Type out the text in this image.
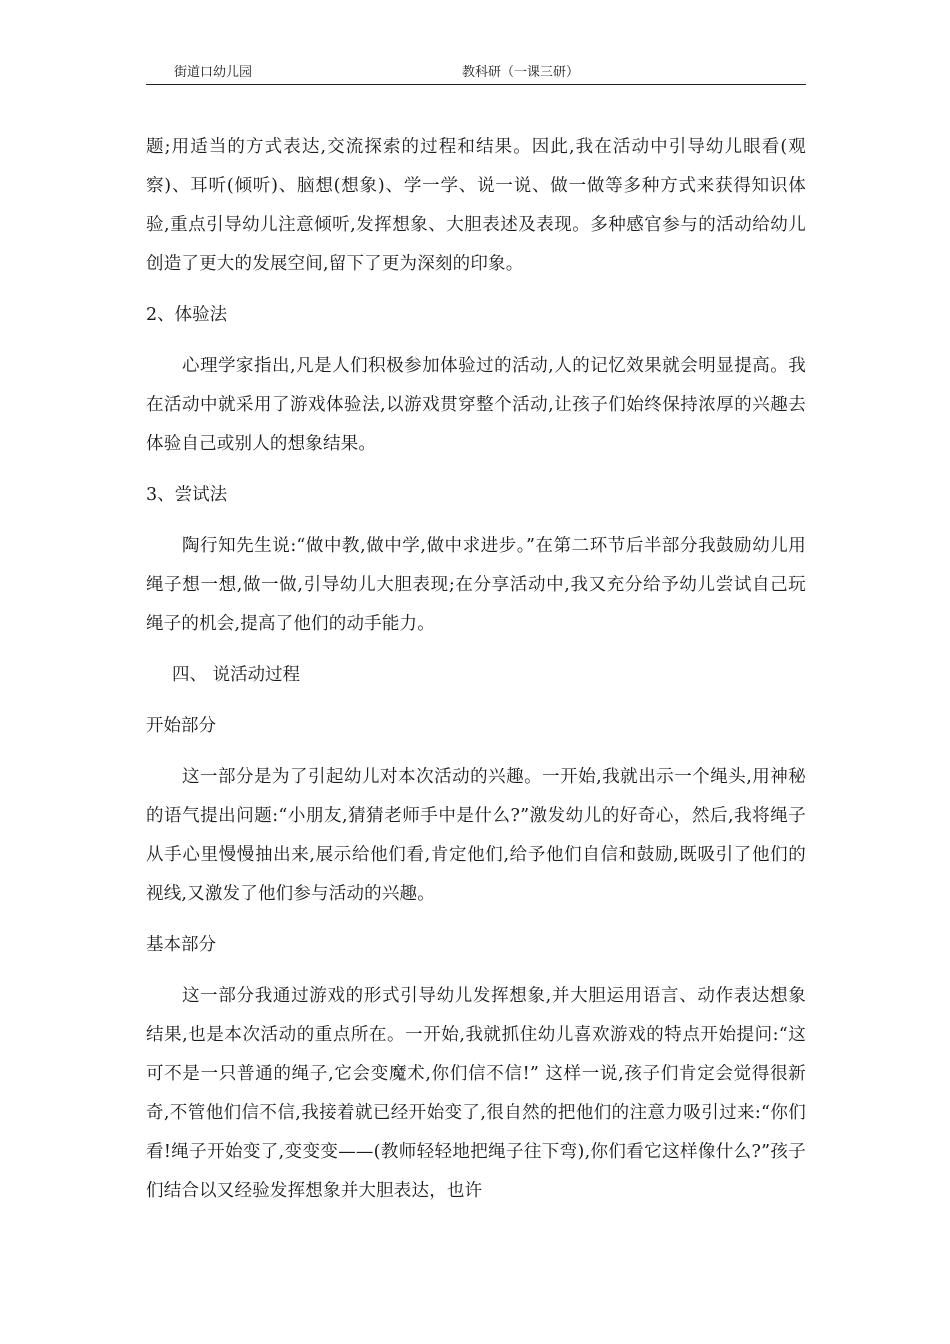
街道口幼儿园	教科研（一课三研）

题;用适当的方式表达,交流探索的过程和结果。因此,我在活动中引导幼儿眼看(观察)、耳听(倾听)、脑想(想象)、学一学、说一说、做一做等多种方式来获得知识体验,重点引导幼儿注意倾听,发挥想象、大胆表述及表现。多种感官参与的活动给幼儿创造了更大的发展空间,留下了更为深刻的印象。

2、体验法

心理学家指出,凡是人们积极参加体验过的活动,人的记忆效果就会明显提高。我在活动中就采用了游戏体验法,以游戏贯穿整个活动,让孩子们始终保持浓厚的兴趣去体验自己或别人的想象结果。

3、尝试法

陶行知先生说:“做中教,做中学,做中求进步。”在第二环节后半部分我鼓励幼儿用绳子想一想,做一做,引导幼儿大胆表现;在分享活动中,我又充分给予幼儿尝试自己玩绳子的机会,提高了他们的动手能力。

四、 说活动过程

开始部分

这一部分是为了引起幼儿对本次活动的兴趣。一开始,我就出示一个绳头,用神秘的语气提出问题:“小朋友,猜猜老师手中是什么?”激发幼儿的好奇心，然后,我将绳子从手心里慢慢抽出来,展示给他们看,肯定他们,给予他们自信和鼓励,既吸引了他们的视线,又激发了他们参与活动的兴趣。

基本部分

这一部分我通过游戏的形式引导幼儿发挥想象,并大胆运用语言、动作表达想象结果,也是本次活动的重点所在。一开始,我就抓住幼儿喜欢游戏的特点开始提问:“这可不是一只普通的绳子,它会变魔术,你们信不信!” 这样一说,孩子们肯定会觉得很新奇,不管他们信不信,我接着就已经开始变了,很自然的把他们的注意力吸引过来:“你们看!绳子开始变了,变变变——(教师轻轻地把绳子往下弯),你们看它这样像什么?”孩子们结合以又经验发挥想象并大胆表达，也许
